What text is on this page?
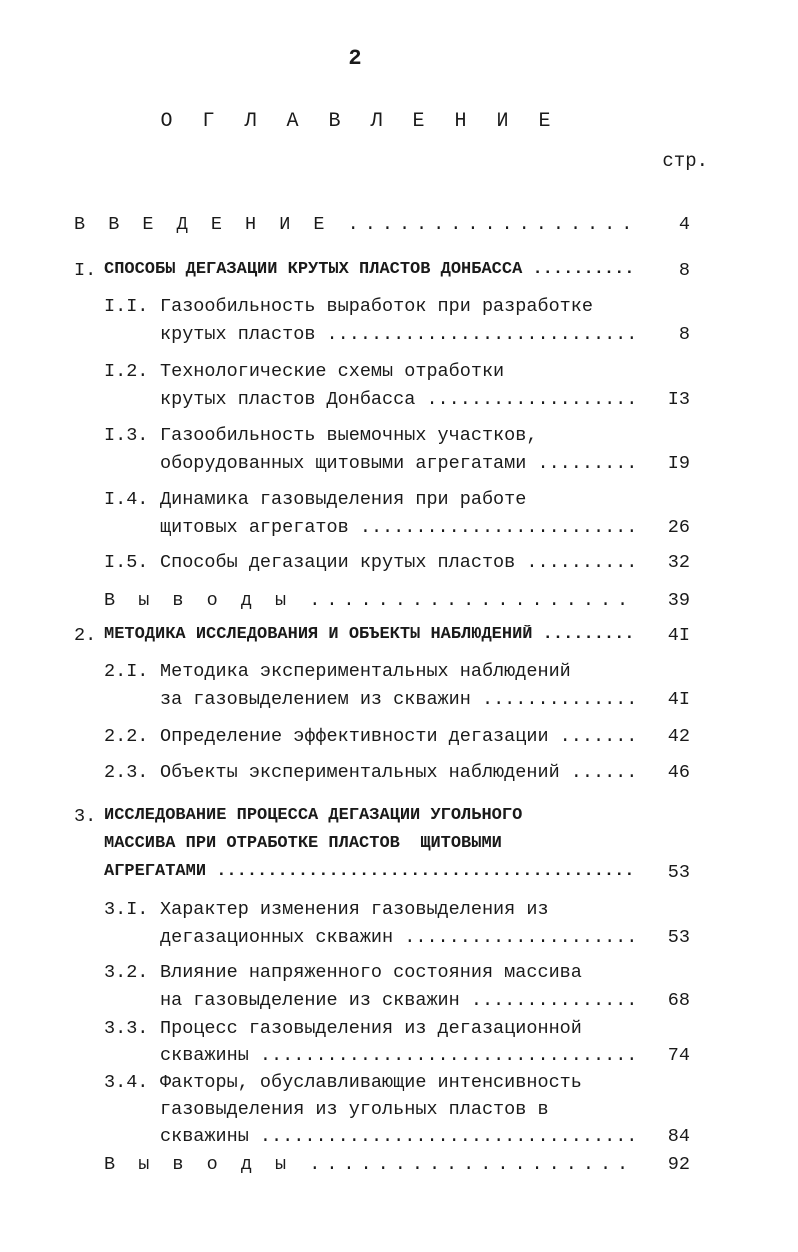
2
О Г Л А В Л Е Н И Е
стр.
В В Е Д Е Н И Е .....	4
I. СПОСОБЫ ДЕГАЗАЦИИ КРУТЫХ ПЛАСТОВ ДОНБАССА .....	8
I.I. Газообильность выработок при разработке
крутых пластов .....	8
I.2. Технологические схемы отработки
крутых пластов Донбасса .....	I3
I.3. Газообильность выемочных участков,
оборудованных щитовыми агрегатами .....	I9
I.4. Динамика газовыделения при работе
щитовых агрегатов .....	26
I.5. Способы дегазации крутых пластов .....	32
В ы в о д ы .....	39
2. МЕТОДИКА ИССЛЕДОВАНИЯ И ОБЪЕКТЫ НАБЛЮДЕНИЙ .....	4I
2.I. Методика экспериментальных наблюдений
за газовыделением из скважин .....	4I
2.2. Определение эффективности дегазации .....	42
2.3. Объекты экспериментальных наблюдений .....	46
3. ИССЛЕДОВАНИЕ ПРОЦЕССА ДЕГАЗАЦИИ УГОЛЬНОГО
МАССИВА ПРИ ОТРАБОТКЕ ПЛАСТОВ  ЩИТОВЫМИ
АГРЕГАТАМИ .....	53
3.I. Характер изменения газовыделения из
дегазационных скважин .....	53
3.2. Влияние напряженного состояния массива
на газовыделение из скважин .....	68
3.3. Процесс газовыделения из дегазационной
скважины .....	74
3.4. Факторы, обуславливающие интенсивность
газовыделения из угольных пластов в
скважины .....	84
В ы в о д ы .....	92
